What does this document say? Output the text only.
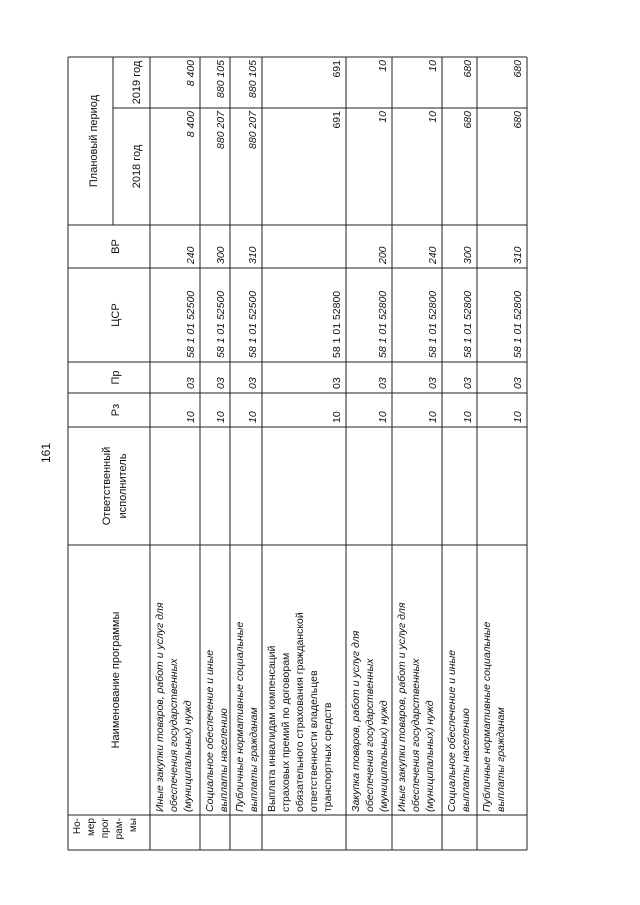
161
Плановый период
2019 год
2018 год
ВР
ЦСР
Пр
Рз
Ответственный исполнитель
Наименование программы
Но- мер прог рам- мы
Иные закупки товаров, работ и услуг для обеспечения государственных (муниципальных) нужд
10
03
58 1 01 52500
240
8 400
8 400
Социальное обеспечение и иные выплаты населению
10
03
58 1 01 52500
300
880 207
880 105
Публичные нормативные социальные выплаты гражданам
10
03
58 1 01 52500
310
880 207
880 105
Выплата инвалидам компенсаций страховых премий по договорам обязательного страхования гражданской ответственности владельцев транспортных средств
10
03
58 1 01 52800
691
691
Закупка товаров, работ и услуг для обеспечения государственных (муниципальных) нужд
10
03
58 1 01 52800
200
10
10
Иные закупки товаров, работ и услуг для обеспечения государственных (муниципальных) нужд
10
03
58 1 01 52800
240
10
10
Социальное обеспечение и иные выплаты населению
10
03
58 1 01 52800
300
680
680
Публичные нормативные социальные выплаты гражданам
10
03
58 1 01 52800
310
680
680
